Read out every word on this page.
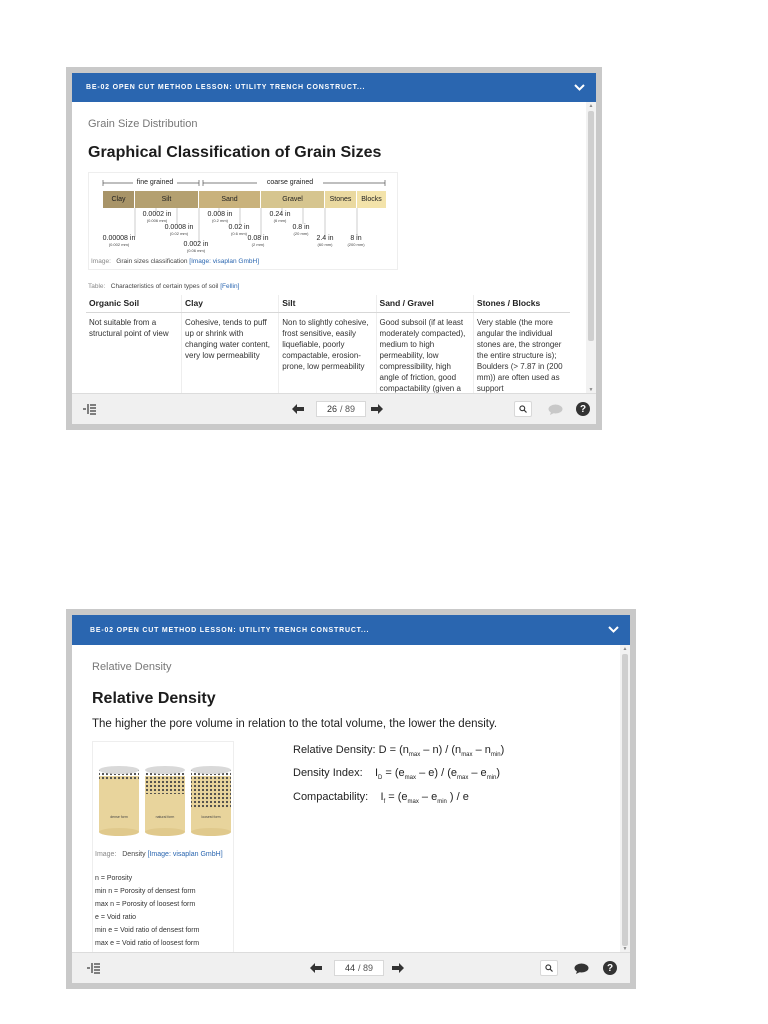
BE-02 OPEN CUT METHOD LESSON: UTILITY TRENCH CONSTRUCT...
Grain Size Distribution
Graphical Classification of Grain Sizes
fine grained	coarse grained
Clay	Silt	Sand	Gravel	Stones	Blocks
0.0002 in
(0.006 mm)
0.0008 in
(0.02 mm)
0.00008 in
(0.002 mm)	0.002 in
(0.06 mm)
0.008 in
(0.2 mm)
0.02 in
(0.6 mm)
0.08 in
(2 mm)
0.24 in
(6 mm)
0.8 in
(20 mm)
2.4 in
(60 mm)
8 in
(200 mm)
Image: Grain sizes classification [Image: visaplan GmbH]
Table: Characteristics of certain types of soil [Fellin]
Organic Soil	Clay	Silt	Sand / Gravel	Stones / Blocks
Not suitable from a structural point of view	Cohesive, tends to puff up or shrink with changing water content, very low permeability	Non to slightly cohesive, frost sensitive, easily liquefiable, poorly compactable, erosion-prone, low permeability	Good subsoil (if at least moderately compacted), medium to high permeability, low compressibility, high angle of friction, good compactability (given a	Very stable (the more angular the individual stones are, the stronger the entire structure is); Boulders (> 7.87 in (200 mm)) are often used as support
▲
▼
26 / 89	?
BE-02 OPEN CUT METHOD LESSON: UTILITY TRENCH CONSTRUCT...
Relative Density
Relative Density
The higher the pore volume in relation to the total volume, the lower the density.
dense form	natural form	loosest form
Image: Density [Image: visaplan GmbH]
n = Porosity
min n = Porosity of densest form
max n = Porosity of loosest form
e = Void ratio
min e = Void ratio of densest form
max e = Void ratio of loosest form
Relative Density: $D = (n_{max} - n) / (n_{max} - n_{min})$
Density Index: $I_D = (e_{max} - e) / (e_{max} - e_{min})$
Compactability: $I_f = (e_{max} - e_{min}$ ) / e
▲
▼
44 / 89	?
